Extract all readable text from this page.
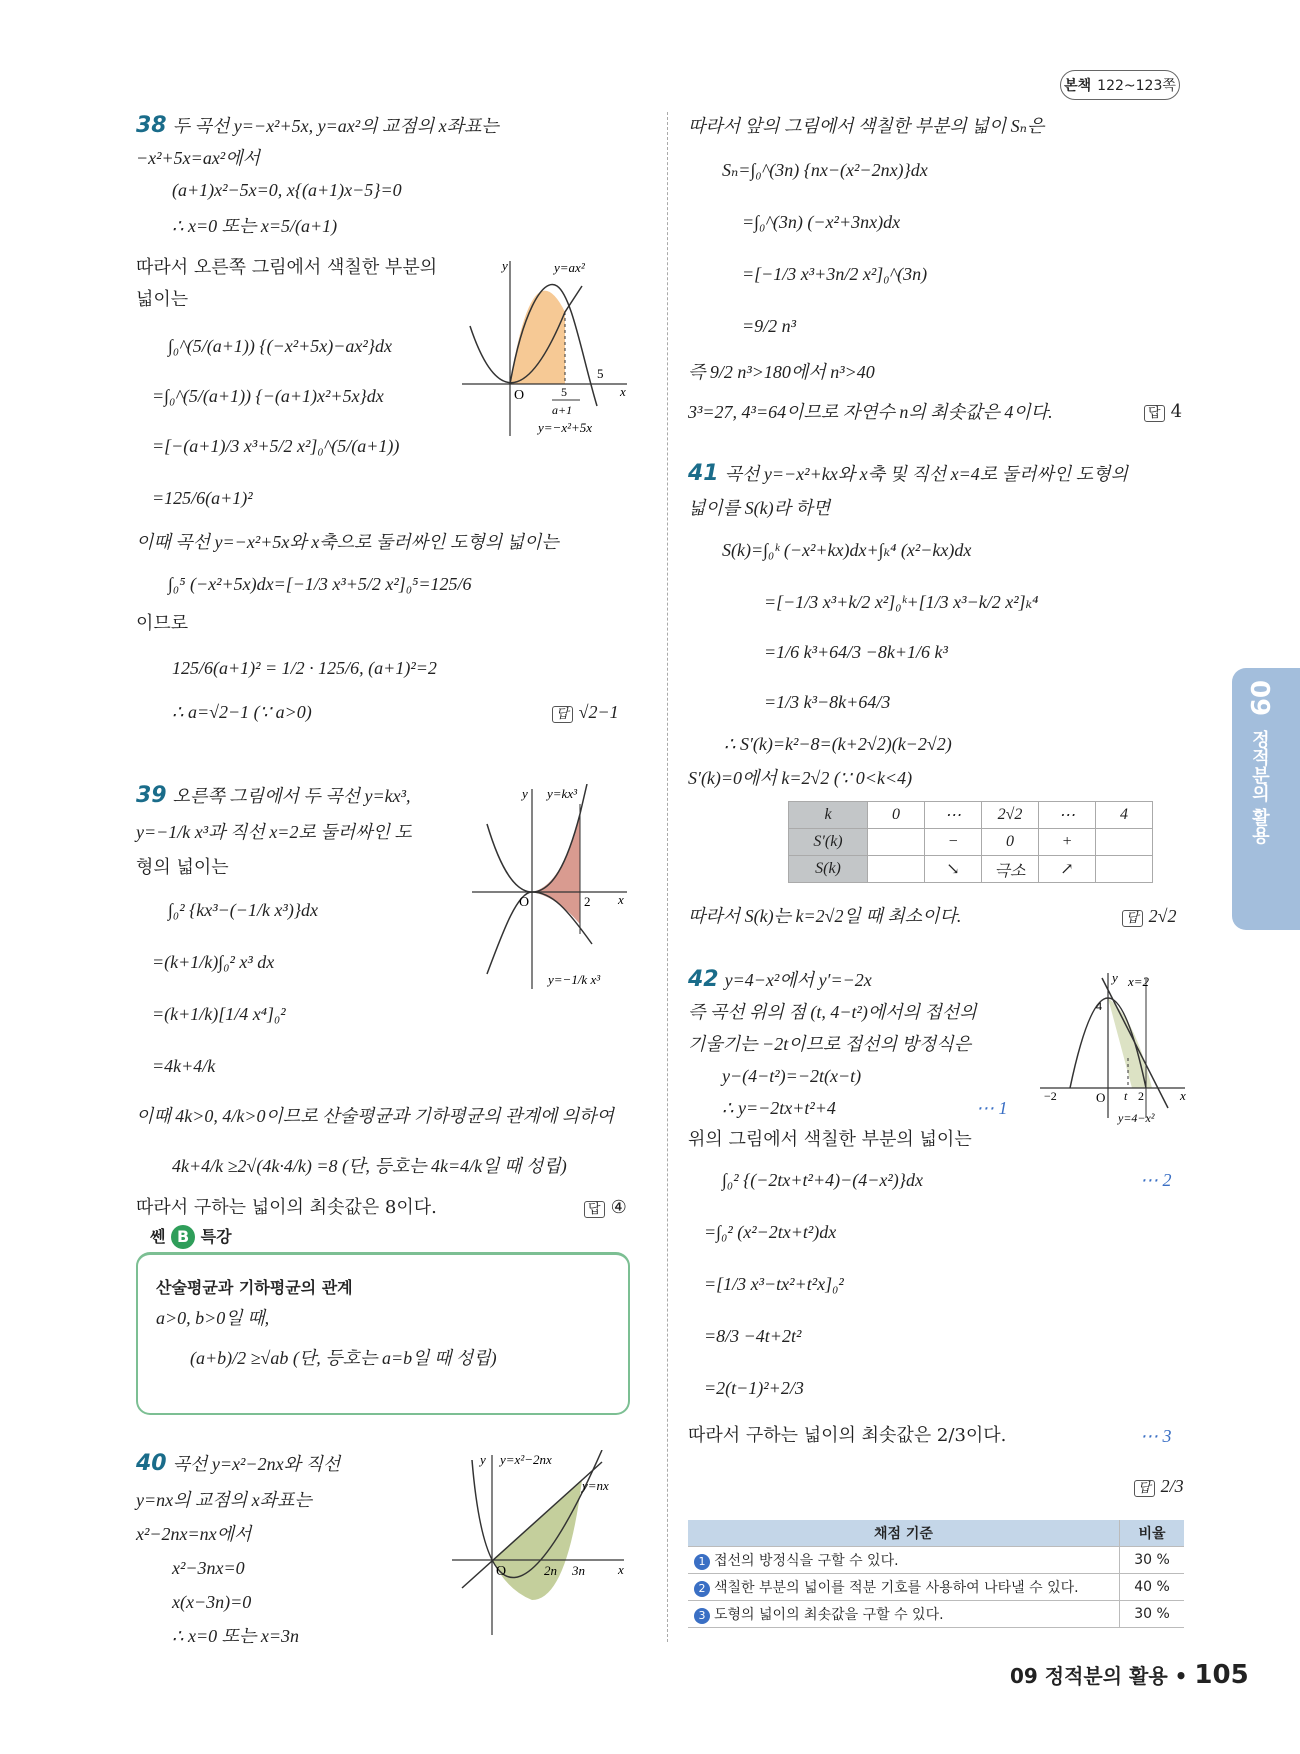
본책 122~123쪽
09 정적분의 활용
38 두 곡선 y=−x²+5x, y=ax²의 교점의 x좌표는
−x²+5x=ax²에서
(a+1)x²−5x=0, x{(a+1)x−5}=0
∴ x=0 또는 x=5/(a+1)
따라서 오른쪽 그림에서 색칠한 부분의
넓이는
∫₀^(5/(a+1)) {(−x²+5x)−ax²}dx
=∫₀^(5/(a+1)) {−(a+1)x²+5x}dx
=[−(a+1)/3 x³+5/2 x²]₀^(5/(a+1))
=125/6(a+1)²
이때 곡선 y=−x²+5x와 x축으로 둘러싸인 도형의 넓이는
∫₀⁵ (−x²+5x)dx=[−1/3 x³+5/2 x²]₀⁵=125/6
이므로
125/6(a+1)² = 1/2 · 125/6, (a+1)²=2
∴ a=√2−1 (∵ a>0)	답 √2−1
y
x
O
y=ax²
y=−x²+5x
5
5
a+1
39 오른쪽 그림에서 두 곡선 y=kx³,
y=−1/k x³과 직선 x=2로 둘러싸인 도
형의 넓이는
∫₀² {kx³−(−1/k x³)}dx
=(k+1/k)∫₀² x³ dx
=(k+1/k)[1/4 x⁴]₀²
=4k+4/k
이때 4k>0, 4/k>0이므로 산술평균과 기하평균의 관계에 의하여
4k+4/k ≥2√(4k·4/k) =8 (단, 등호는 4k=4/k일 때 성립)
따라서 구하는 넓이의 최솟값은 8이다.	답 ④
y
x
O	2
y=kx³
y=−1/k x³
쎈 B 특강
산술평균과 기하평균의 관계
a>0, b>0일 때,
(a+b)/2 ≥√ab (단, 등호는 a=b일 때 성립)
40 곡선 y=x²−2nx와 직선
y=nx의 교점의 x좌표는
x²−2nx=nx에서
x²−3nx=0
x(x−3n)=0
∴ x=0 또는 x=3n
y
x
O	2n 3n
y=x²−2nx
y=nx
따라서 앞의 그림에서 색칠한 부분의 넓이 Sₙ은
Sₙ=∫₀^(3n) {nx−(x²−2nx)}dx
=∫₀^(3n) (−x²+3nx)dx
=[−1/3 x³+3n/2 x²]₀^(3n)
=9/2 n³
즉 9/2 n³>180에서 n³>40
3³=27, 4³=64이므로 자연수 n의 최솟값은 4이다.	답 4
41 곡선 y=−x²+kx와 x축 및 직선 x=4로 둘러싸인 도형의
넓이를 S(k)라 하면
S(k)=∫₀ᵏ (−x²+kx)dx+∫ₖ⁴ (x²−kx)dx
=[−1/3 x³+k/2 x²]₀ᵏ+[1/3 x³−k/2 x²]ₖ⁴
=1/6 k³+64/3 −8k+1/6 k³
=1/3 k³−8k+64/3
∴ S′(k)=k²−8=(k+2√2)(k−2√2)
S′(k)=0에서 k=2√2 (∵ 0<k<4)
k	0	⋯	2√2	⋯	4
S′(k)		−	0	+	
S(k)		↘	극소	↗	
따라서 S(k)는 k=2√2일 때 최소이다.	답 2√2
42 y=4−x²에서 y′=−2x
즉 곡선 위의 점 (t, 4−t²)에서의 접선의
기울기는 −2t이므로 접선의 방정식은
y−(4−t²)=−2t(x−t)
∴ y=−2tx+t²+4	⋯ 1
위의 그림에서 색칠한 부분의 넓이는
∫₀² {(−2tx+t²+4)−(4−x²)}dx	⋯ 2
=∫₀² (x²−2tx+t²)dx
=[1/3 x³−tx²+t²x]₀²
=8/3 −4t+2t²
=2(t−1)²+2/3
따라서 구하는 넓이의 최솟값은 2/3이다.	⋯ 3
답 2/3
y
x
x=2
4
−2	O t 2
y=4−x²
채점 기준	비율
1 접선의 방정식을 구할 수 있다.	30 %
2 색칠한 부분의 넓이를 적분 기호를 사용하여 나타낼 수 있다.	40 %
3 도형의 넓이의 최솟값을 구할 수 있다.	30 %
09 정적분의 활용 • 105
